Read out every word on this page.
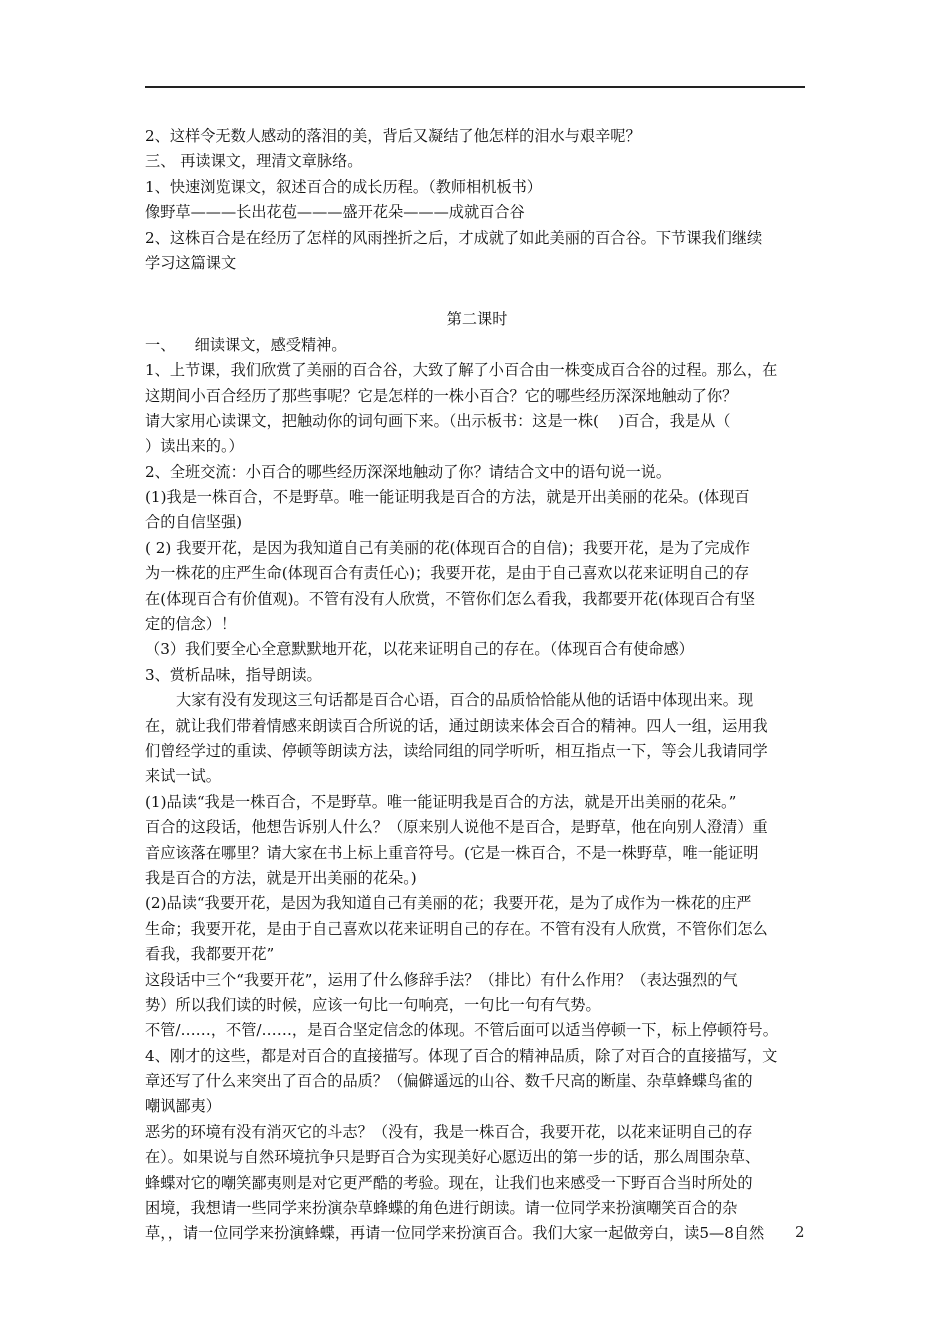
2、这样令无数人感动的落泪的美，背后又凝结了他怎样的泪水与艰辛呢？
三、 再读课文，理清文章脉络。
1、快速浏览课文，叙述百合的成长历程。（教师相机板书）
像野草———长出花苞———盛开花朵———成就百合谷
2、这株百合是在经历了怎样的风雨挫折之后，才成就了如此美丽的百合谷。下节课我们继续
学习这篇课文
第二课时
一、    细读课文，感受精神。
1、上节课，我们欣赏了美丽的百合谷，大致了解了小百合由一株变成百合谷的过程。那么，在
这期间小百合经历了那些事呢？它是怎样的一株小百合？它的哪些经历深深地触动了你？
请大家用心读课文，把触动你的词句画下来。（出示板书：这是一株(    )百合，我是从（
）读出来的。）
2、全班交流：小百合的哪些经历深深地触动了你？请结合文中的语句说一说。
(1)我是一株百合，不是野草。唯一能证明我是百合的方法，就是开出美丽的花朵。(体现百
合的自信坚强)
( 2) 我要开花，是因为我知道自己有美丽的花(体现百合的自信)；我要开花，是为了完成作
为一株花的庄严生命(体现百合有责任心)；我要开花，是由于自己喜欢以花来证明自己的存
在(体现百合有价值观)。不管有没有人欣赏，不管你们怎么看我，我都要开花(体现百合有坚
定的信念）！
（3）我们要全心全意默默地开花，以花来证明自己的存在。（体现百合有使命感）
3、赏析品味，指导朗读。
大家有没有发现这三句话都是百合心语，百合的品质恰恰能从他的话语中体现出来。现
在，就让我们带着情感来朗读百合所说的话，通过朗读来体会百合的精神。四人一组，运用我
们曾经学过的重读、停顿等朗读方法，读给同组的同学听听，相互指点一下，等会儿我请同学
来试一试。
(1)品读“我是一株百合，不是野草。唯一能证明我是百合的方法，就是开出美丽的花朵。”
百合的这段话，他想告诉别人什么？（原来别人说他不是百合，是野草，他在向别人澄清）重
音应该落在哪里？请大家在书上标上重音符号。(它是一株百合，不是一株野草，唯一能证明
我是百合的方法，就是开出美丽的花朵。)
(2)品读“我要开花，是因为我知道自己有美丽的花；我要开花，是为了成作为一株花的庄严
生命；我要开花，是由于自己喜欢以花来证明自己的存在。不管有没有人欣赏，不管你们怎么
看我，我都要开花”
这段话中三个“我要开花”，运用了什么修辞手法？（排比）有什么作用？（表达强烈的气
势）所以我们读的时候，应该一句比一句响亮，一句比一句有气势。
不管/……，不管/……，是百合坚定信念的体现。不管后面可以适当停顿一下，标上停顿符号。
4、刚才的这些，都是对百合的直接描写。体现了百合的精神品质，除了对百合的直接描写，文
章还写了什么来突出了百合的品质？（偏僻遥远的山谷、数千尺高的断崖、杂草蜂蝶鸟雀的
嘲讽鄙夷）
恶劣的环境有没有消灭它的斗志？（没有，我是一株百合，我要开花，以花来证明自己的存
在）。如果说与自然环境抗争只是野百合为实现美好心愿迈出的第一步的话，那么周围杂草、
蜂蝶对它的嘲笑鄙夷则是对它更严酷的考验。现在，让我们也来感受一下野百合当时所处的
困境，我想请一些同学来扮演杂草蜂蝶的角色进行朗读。请一位同学来扮演嘲笑百合的杂
草，，请一位同学来扮演蜂蝶，再请一位同学来扮演百合。我们大家一起做旁白，读5—8自然	2
